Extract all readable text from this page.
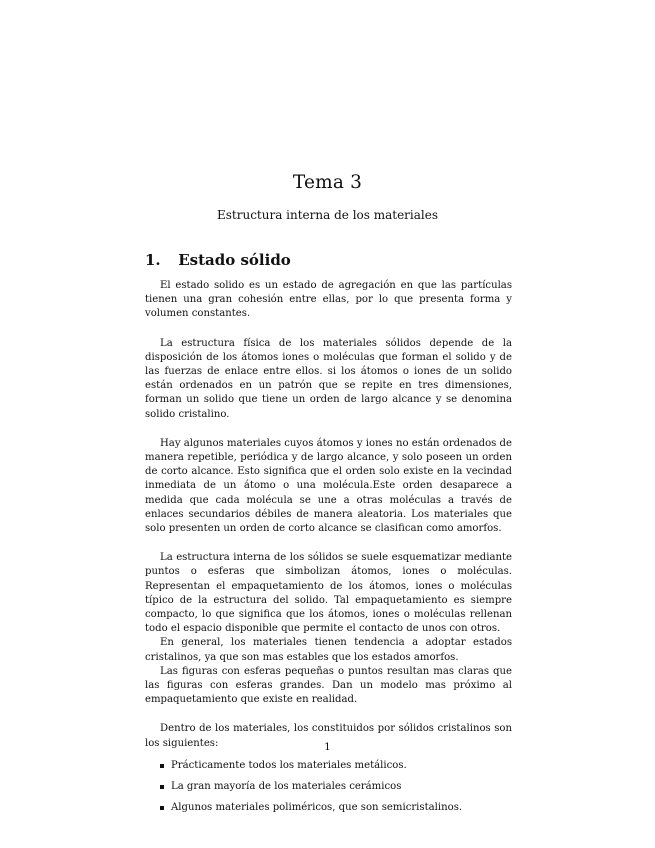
Tema 3
Estructura interna de los materiales
1. Estado sólido

El estado solido es un estado de agregación en que las partículas tienen una gran cohesión entre ellas, por lo que presenta forma y volumen constantes.

La estructura física de los materiales sólidos depende de la disposición de los átomos iones o moléculas que forman el solido y de las fuerzas de enlace entre ellos. si los átomos o iones de un solido están ordenados en un patrón que se repite en tres dimensiones, forman un solido que tiene un orden de largo alcance y se denomina solido cristalino.

Hay algunos materiales cuyos átomos y iones no están ordenados de manera repetible, periódica y de largo alcance, y solo poseen un orden de corto alcance. Esto significa que el orden solo existe en la vecindad inmediata de un átomo o una molécula.Este orden desaparece a medida que cada molécula se une a otras moléculas a través de enlaces secundarios débiles de manera aleatoria. Los materiales que solo presenten un orden de corto alcance se clasifican como amorfos.

La estructura interna de los sólidos se suele esquematizar mediante puntos o esferas que simbolizan átomos, iones o moléculas. Representan el empaquetamiento de los átomos, iones o moléculas típico de la estructura del solido. Tal empaquetamiento es siempre compacto, lo que significa que los átomos, iones o moléculas rellenan todo el espacio disponible que permite el contacto de unos con otros.

En general, los materiales tienen tendencia a adoptar estados cristalinos, ya que son mas estables que los estados amorfos.

Las figuras con esferas pequeñas o puntos resultan mas claras que las figuras con esferas grandes. Dan un modelo mas próximo al empaquetamiento que existe en realidad.

Dentro de los materiales, los constituidos por sólidos cristalinos son los siguientes:

Prácticamente todos los materiales metálicos.
La gran mayoría de los materiales cerámicos
Algunos materiales poliméricos, que son semicristalinos.
1
